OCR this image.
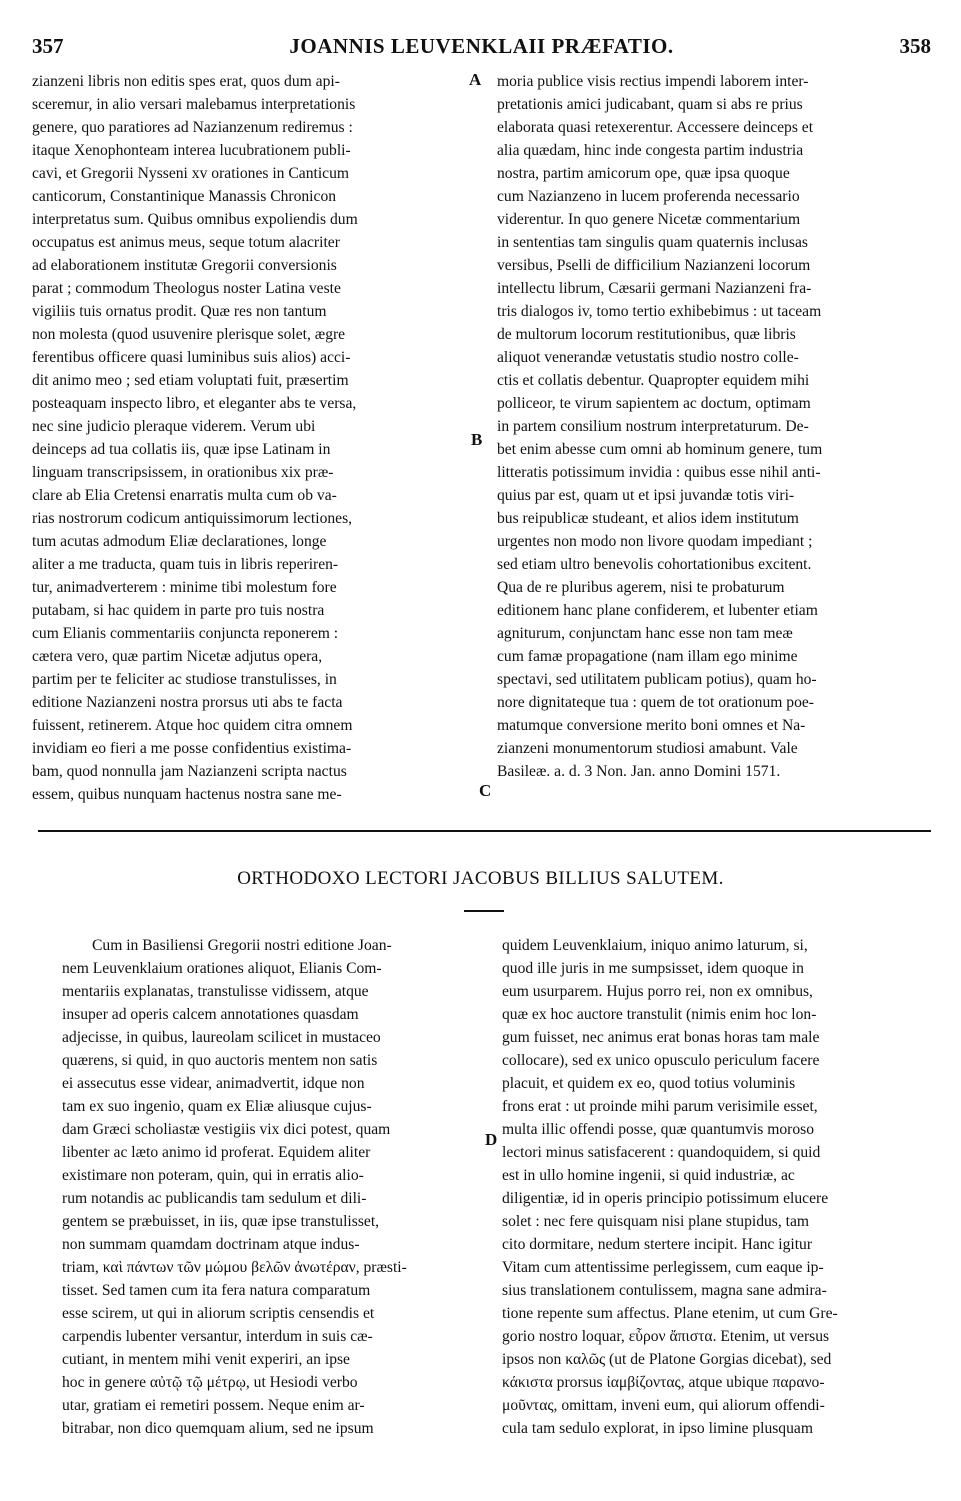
357	JOANNIS LEUVENKLAII PRÆFATIO.	358
zianzeni libris non editis spes erat, quos dum api-
sceremur, in alio versari malebamus interpretationis
genere, quo paratiores ad Nazianzenum rediremus :
itaque Xenophonteam interea lucubrationem publi-
cavi, et Gregorii Nysseni xv orationes in Canticum
canticorum, Constantinique Manassis Chronicon
interpretatus sum. Quibus omnibus expoliendis dum
occupatus est animus meus, seque totum alacriter
ad elaborationem institutæ Gregorii conversionis
parat ; commodum Theologus noster Latina veste
vigiliis tuis ornatus prodit. Quæ res non tantum
non molesta (quod usuvenire plerisque solet, ægre
ferentibus officere quasi luminibus suis alios) acci-
dit animo meo ; sed etiam voluptati fuit, præsertim
posteaquam inspecto libro, et eleganter abs te versa,
nec sine judicio pleraque viderem. Verum ubi
deinceps ad tua collatis iis, quæ ipse Latinam in
linguam transcripsissem, in orationibus xix præ-
clare ab Elia Cretensi enarratis multa cum ob va-
rias nostrorum codicum antiquissimorum lectiones,
tum acutas admodum Eliæ declarationes, longe
aliter a me traducta, quam tuis in libris reperiren-
tur, animadverterem : minime tibi molestum fore
putabam, si hac quidem in parte pro tuis nostra
cum Elianis commentariis conjuncta reponerem :
cætera vero, quæ partim Nicetæ adjutus opera,
partim per te feliciter ac studiose transtulisses, in
editione Nazianzeni nostra prorsus uti abs te facta
fuissent, retinerem. Atque hoc quidem citra omnem
invidiam eo fieri a me posse confidentius existima-
bam, quod nonnulla jam Nazianzeni scripta nactus
essem, quibus nunquam hactenus nostra sane me-
moria publice visis rectius impendi laborem inter-
pretationis amici judicabant, quam si abs re prius
elaborata quasi retexerentur. Accessere deinceps et
alia quædam, hinc inde congesta partim industria
nostra, partim amicorum ope, quæ ipsa quoque
cum Nazianzeno in lucem proferenda necessario
viderentur. In quo genere Nicetæ commentarium
in sententias tam singulis quam quaternis inclusas
versibus, Pselli de difficilium Nazianzeni locorum
intellectu librum, Cæsarii germani Nazianzeni fra-
tris dialogos iv, tomo tertio exhibebimus : ut taceam
de multorum locorum restitutionibus, quæ libris
aliquot venerandæ vetustatis studio nostro colle-
ctis et collatis debentur. Quapropter equidem mihi
polliceor, te virum sapientem ac doctum, optimam
in partem consilium nostrum interpretaturum. De-
bet enim abesse cum omni ab hominum genere, tum
litteratis potissimum invidia : quibus esse nihil anti-
quius par est, quam ut et ipsi juvandæ totis viri-
bus reipublicæ studeant, et alios idem institutum
urgentes non modo non livore quodam impediant ;
sed etiam ultro benevolis cohortationibus excitent.
Qua de re pluribus agerem, nisi te probaturum
editionem hanc plane confiderem, et lubenter etiam
agniturum, conjunctam hanc esse non tam meæ
cum famæ propagatione (nam illam ego minime
spectavi, sed utilitatem publicam potius), quam ho-
nore dignitateque tua : quem de tot orationum poe-
matumque conversione merito boni omnes et Na-
zianzeni monumentorum studiosi amabunt. Vale
Basileæ. a. d. 3 Non. Jan. anno Domini 1571.
A
B
C
ORTHODOXO LECTORI JACOBUS BILLIUS SALUTEM.
Cum in Basiliensi Gregorii nostri editione Joan-
nem Leuvenklaium orationes aliquot, Elianis Com-
mentariis explanatas, transtulisse vidissem, atque
insuper ad operis calcem annotationes quasdam
adjecisse, in quibus, laureolam scilicet in mustaceo
quærens, si quid, in quo auctoris mentem non satis
ei assecutus esse videar, animadvertit, idque non
tam ex suo ingenio, quam ex Eliæ aliusque cujus-
dam Græci scholiastæ vestigiis vix dici potest, quam
libenter ac læto animo id proferat. Equidem aliter
existimare non poteram, quin, qui in erratis alio-
rum notandis ac publicandis tam sedulum et dili-
gentem se præbuisset, in iis, quæ ipse transtulisset,
non summam quamdam doctrinam atque indus-
triam, καὶ πάντων τῶν μώμου βελῶν ἀνωτέραν, præsti-
tisset. Sed tamen cum ita fera natura comparatum
esse scirem, ut qui in aliorum scriptis censendis et
carpendis lubenter versantur, interdum in suis cæ-
cutiant, in mentem mihi venit experiri, an ipse
hoc in genere αὐτῷ τῷ μέτρῳ, ut Hesiodi verbo
utar, gratiam ei remetiri possem. Neque enim ar-
bitrabar, non dico quemquam alium, sed ne ipsum
quidem Leuvenklaium, iniquo animo laturum, si,
quod ille juris in me sumpsisset, idem quoque in
eum usurparem. Hujus porro rei, non ex omnibus,
quæ ex hoc auctore transtulit (nimis enim hoc lon-
gum fuisset, nec animus erat bonas horas tam male
collocare), sed ex unico opusculo periculum facere
placuit, et quidem ex eo, quod totius voluminis
frons erat : ut proinde mihi parum verisimile esset,
multa illic offendi posse, quæ quantumvis moroso
lectori minus satisfacerent : quandoquidem, si quid
est in ullo homine ingenii, si quid industriæ, ac
diligentiæ, id in operis principio potissimum elucere
solet : nec fere quisquam nisi plane stupidus, tam
cito dormitare, nedum stertere incipit. Hanc igitur
Vitam cum attentissime perlegissem, cum eaque ip-
sius translationem contulissem, magna sane admira-
tione repente sum affectus. Plane etenim, ut cum Gre-
gorio nostro loquar, εὗρον ἄπιστα. Etenim, ut versus
ipsos non καλῶς (ut de Platone Gorgias dicebat), sed
κάκιστα prorsus ἰαμβίζοντας, atque ubique παρανο-
μοῦντας, omittam, inveni eum, qui aliorum offendi-
cula tam sedulo explorat, in ipso limine plusquam
D
